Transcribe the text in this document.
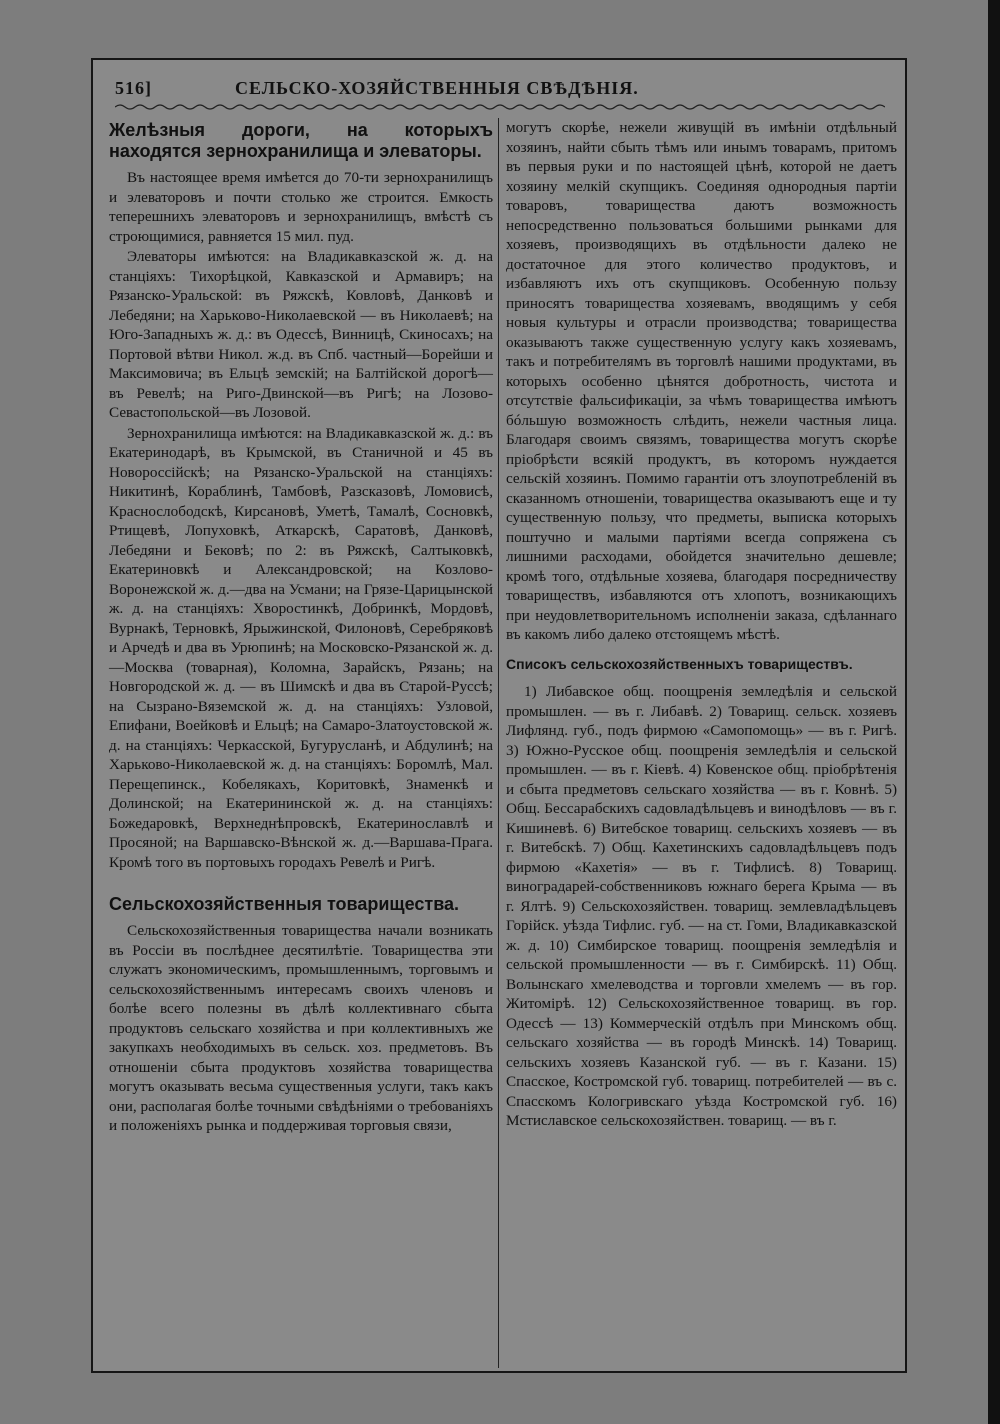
516]	СЕЛЬСКО-ХОЗЯЙСТВЕННЫЯ СВѢДѢНІЯ.
Желѣзныя дороги, на которыхъ находятся зернохранилища и элеваторы.

Въ настоящее время имѣется до 70-ти зернохранилищъ и элеваторовъ и почти столько же строится. Емкость теперешнихъ элеваторовъ и зернохранилищъ, вмѣстѣ съ строющимися, равняется 15 мил. пуд.

Элеваторы имѣются: на Владикавказской ж. д. на станціяхъ: Тихорѣцкой, Кавказской и Армавиръ; на Рязанско-Уральской: въ Ряжскѣ, Ковловѣ, Данковѣ и Лебедяни; на Харьково-Николаевской — въ Николаевѣ; на Юго-Западныхъ ж. д.: въ Одессѣ, Винницѣ, Скиносахъ; на Портовой вѣтви Никол. ж.д. въ Спб. частный—Борейши и Максимовича; въ Ельцѣ земскій; на Балтійской дорогѣ—въ Ревелѣ; на Риго-Двинской—въ Ригѣ; на Лозово-Севастопольской—въ Лозовой.

Зернохранилища имѣются: на Владикавказской ж. д.: въ Екатеринодарѣ, въ Крымской, въ Станичной и 45 въ Новороссійскѣ; на Рязанско-Уральской на станціяхъ: Никитинѣ, Кораблинѣ, Тамбовѣ, Разсказовѣ, Ломовисѣ, Краснослободскѣ, Кирсановѣ, Уметѣ, Тамалѣ, Сосновкѣ, Ртищевѣ, Лопуховкѣ, Аткарскѣ, Саратовѣ, Данковѣ, Лебедяни и Бековѣ; по 2: въ Ряжскѣ, Салтыковкѣ, Екатериновкѣ и Александровской; на Козлово-Воронежской ж. д.—два на Усмани; на Грязе-Царицынской ж. д. на станціяхъ: Хворостинкѣ, Добринкѣ, Мордовѣ, Вурнакѣ, Терновкѣ, Ярыжинской, Филоновѣ, Серебряковѣ и Арчедѣ и два въ Урюпинѣ; на Московско-Рязанской ж. д.—Москва (товарная), Коломна, Зарайскъ, Рязань; на Новгородской ж. д. — въ Шимскѣ и два въ Старой-Руссѣ; на Сызрано-Вяземской ж. д. на станціяхъ: Узловой, Епифани, Воейковѣ и Ельцѣ; на Самаро-Златоустовской ж. д. на станціяхъ: Черкасской, Бугурусланѣ, и Абдулинѣ; на Харьково-Николаевской ж. д. на станціяхъ: Боромлѣ, Мал. Перещепинск., Кобелякахъ, Коритовкѣ, Знаменкѣ и Долинской; на Екатерининской ж. д. на станціяхъ: Божедаровкѣ, Верхнеднѣпровскѣ, Екатеринославлѣ и Просяной; на Варшавско-Вѣнской ж. д.—Варшава-Прага. Кромѣ того въ портовыхъ городахъ Ревелѣ и Ригѣ.

Сельскохозяйственныя товарищества.

Сельскохозяйственныя товарищества начали возникать въ Россіи въ послѣднее десятилѣтіе. Товарищества эти служатъ экономическимъ, промышленнымъ, торговымъ и сельскохозяйственнымъ интересамъ своихъ членовъ и болѣе всего полезны въ дѣлѣ коллективнаго сбыта продуктовъ сельскаго хозяйства и при коллективныхъ же закупкахъ необходимыхъ въ сельск. хоз. предметовъ. Въ отношеніи сбыта продуктовъ хозяйства товарищества могутъ оказывать весьма существенныя услуги, такъ какъ они, располагая болѣе точными свѣдѣніями о требованіяхъ и положеніяхъ рынка и поддерживая торговыя связи,

могутъ скорѣе, нежели живущій въ имѣніи отдѣльный хозяинъ, найти сбыть тѣмъ или инымъ товарамъ, притомъ въ первыя руки и по настоящей цѣнѣ, которой не даетъ хозяину мелкій скупщикъ. Соединяя однородныя партіи товаровъ, товарищества даютъ возможность непосредственно пользоваться большими рынками для хозяевъ, производящихъ въ отдѣльности далеко не достаточное для этого количество продуктовъ, и избавляютъ ихъ отъ скупщиковъ. Особенную пользу приносятъ товарищества хозяевамъ, вводящимъ у себя новыя культуры и отрасли производства; товарищества оказываютъ также существенную услугу какъ хозяевамъ, такъ и потребителямъ въ торговлѣ нашими продуктами, въ которыхъ особенно цѣнятся добротность, чистота и отсутствіе фальсификаціи, за чѣмъ товарищества имѣютъ бóльшую возможность слѣдить, нежели частныя лица. Благодаря своимъ связямъ, товарищества могутъ скорѣе пріобрѣсти всякій продуктъ, въ которомъ нуждается сельскій хозяинъ. Помимо гарантіи отъ злоупотребленій въ сказанномъ отношеніи, товарищества оказываютъ еще и ту существенную пользу, что предметы, выписка которыхъ поштучно и малыми партіями всегда сопряжена съ лишними расходами, обойдется значительно дешевле; кромѣ того, отдѣльные хозяева, благодаря посредничеству товариществъ, избавляются отъ хлопотъ, возникающихъ при неудовлетворительномъ исполненіи заказа, сдѣланнаго въ какомъ либо далеко отстоящемъ мѣстѣ.

Списокъ сельскохозяйственныхъ товариществъ.

1) Либавское общ. поощренія земледѣлія и сельской промышлен. — въ г. Либавѣ. 2) Товарищ. сельск. хозяевъ Лифлянд. губ., подъ фирмою «Самопомощь» — въ г. Ригѣ. 3) Южно-Русское общ. поощренія земледѣлія и сельской промышлен. — въ г. Кіевѣ. 4) Ковенское общ. пріобрѣтенія и сбыта предметовъ сельскаго хозяйства — въ г. Ковнѣ. 5) Общ. Бессарабскихъ садовладѣльцевъ и винодѣловъ — въ г. Кишиневѣ. 6) Витебское товарищ. сельскихъ хозяевъ — въ г. Витебскѣ. 7) Общ. Кахетинскихъ садовладѣльцевъ подъ фирмою «Кахетія» — въ г. Тифлисѣ. 8) Товарищ. виноградарей-собственниковъ южнаго берега Крыма — въ г. Ялтѣ. 9) Сельскохозяйствен. товарищ. землевладѣльцевъ Горійск. уѣзда Тифлис. губ. — на ст. Гоми, Владикавказской ж. д. 10) Симбирское товарищ. поощренія земледѣлія и сельской промышленности — въ г. Симбирскѣ. 11) Общ. Волынскаго хмелеводства и торговли хмелемъ — въ гор. Житомірѣ. 12) Сельскохозяйственное товарищ. въ гор. Одессѣ — 13) Коммерческій отдѣлъ при Минскомъ общ. сельскаго хозяйства — въ городѣ Минскѣ. 14) Товарищ. сельскихъ хозяевъ Казанской губ. — въ г. Казани. 15) Спасское, Костромской губ. товарищ. потребителей — въ с. Спасскомъ Кологривскаго уѣзда Костромской губ. 16) Мстиславское сельскохозяйствен. товарищ. — въ г.
